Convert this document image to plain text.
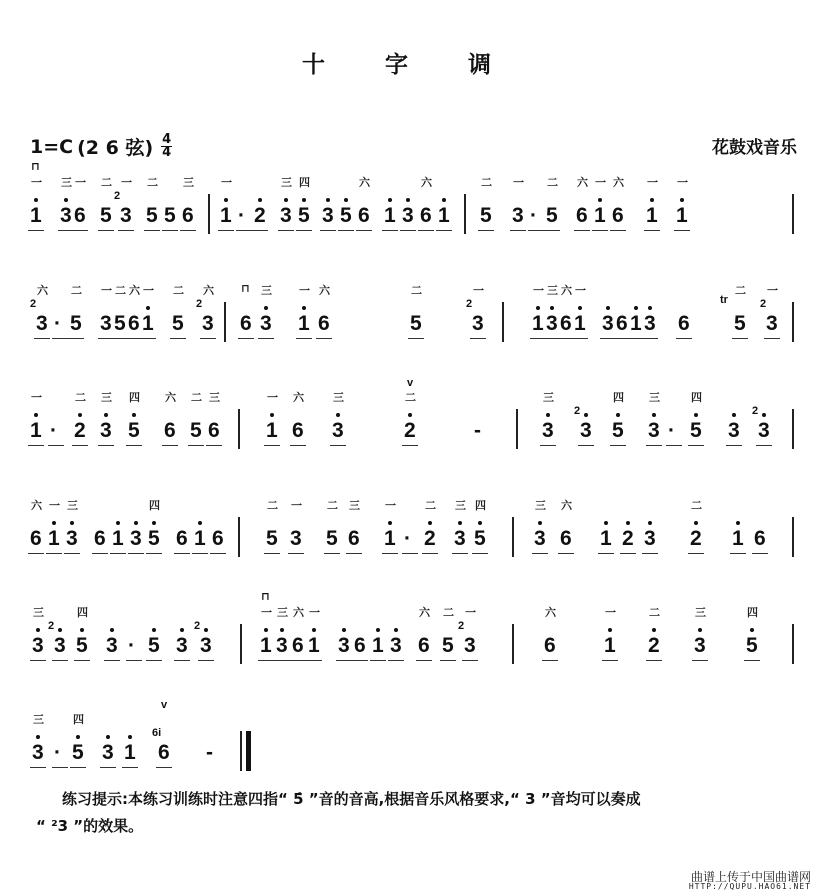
十 字 调
1=C (2 6 弦) $\frac{4}{4}$	花鼓戏音乐
1
一
⊓
3
三
6
一
5
二
3
一
2
5
二
5 6
三
1
一
· 2 3
三
5
四
3 5 6
六
1 3 6
六
1 5
二
3
一
· 5
二
6
六
1
一
6
六
1
一
1
一
3
六
2
· 5
二
3
一
5
二
6
六
1
一
5
二
3
六
2
6
⊓
3
三
1
一
6
六
5
二
3
一
2
1
一
3
三
6
六
1
一
3 6 1 3 6 5
二
tr
3
一
2
1
一
· 2
二
3
三
5
四
6
六
5
二
6
三
1
一
6
六
3
三
2
二
v
-	3
三
3
2
5
四
3
三
· 5
四
3 3
2
6
六
1
一
3
三
6 1 3 5
四
6 1 6 5
二
3
一
5
二
6
三
1
一
· 2
二
3
三
5
四
3
三
6
六
1 2 3 2
二
1 6
3
三
3
2
5
四
3 · 5 3 3
2
1
一
⊓
3
三
6
六
1
一
3 6 1 3 6
六
5
二
3
一
2
6
六
1
一
2
二
3
三
5
四
3
三
· 5
四
3 1 6
v
6i
-
练习提示:本练习训练时注意四指“ 5̇ ”音的音高,根据音乐风格要求,“ 3 ”音均可以奏成
“ ²3 ”的效果。
曲谱上传于中国曲谱网
HTTP://QUPU.HAO61.NET
